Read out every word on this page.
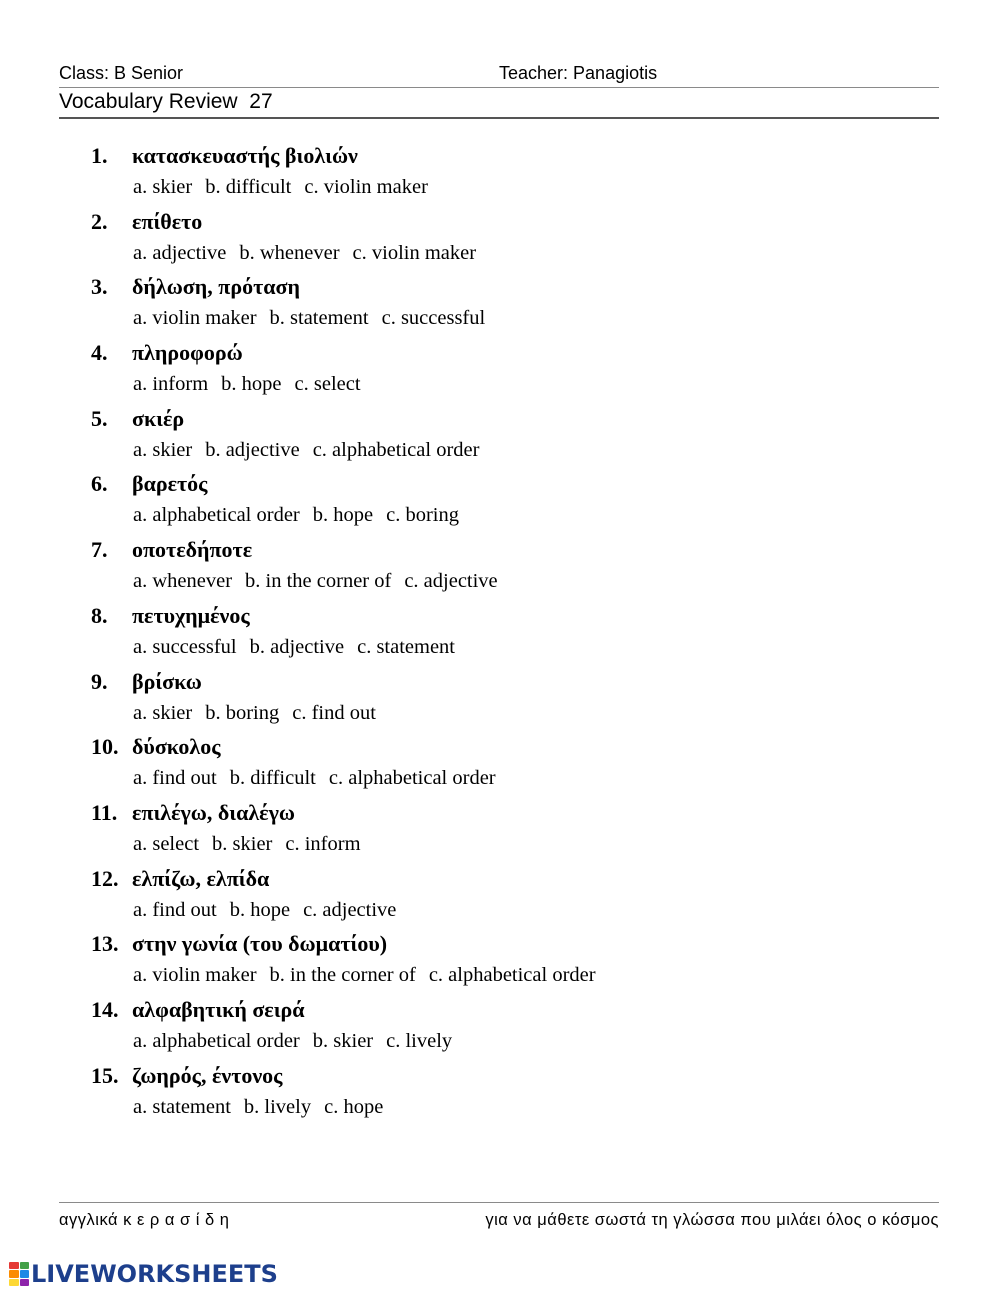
Class: B Senior	Teacher: Panagiotis
Vocabulary Review  27
1. κατασκευαστής βιολιών
a. skier b. difficult c. violin maker
2. επίθετο
a. adjective b. whenever c. violin maker
3. δήλωση, πρόταση
a. violin maker b. statement c. successful
4. πληροφορώ
a. inform b. hope c. select
5. σκιέρ
a. skier b. adjective c. alphabetical order
6. βαρετός
a. alphabetical order b. hope c. boring
7. οποτεδήποτε
a. whenever b. in the corner of c. adjective
8. πετυχημένος
a. successful b. adjective c. statement
9. βρίσκω
a. skier b. boring c. find out
10. δύσκολος
a. find out b. difficult c. alphabetical order
11. επιλέγω, διαλέγω
a. select b. skier c. inform
12. ελπίζω, ελπίδα
a. find out b. hope c. adjective
13. στην γωνία (του δωματίου)
a. violin maker b. in the corner of c. alphabetical order
14. αλφαβητική σειρά
a. alphabetical order b. skier c. lively
15. ζωηρός, έντονος
a. statement b. lively c. hope
αγγλικά κ ε ρ α σ ί δ η	για να μάθετε σωστά τη γλώσσα που μιλάει όλος ο κόσμος
LIVEWORKSHEETS
